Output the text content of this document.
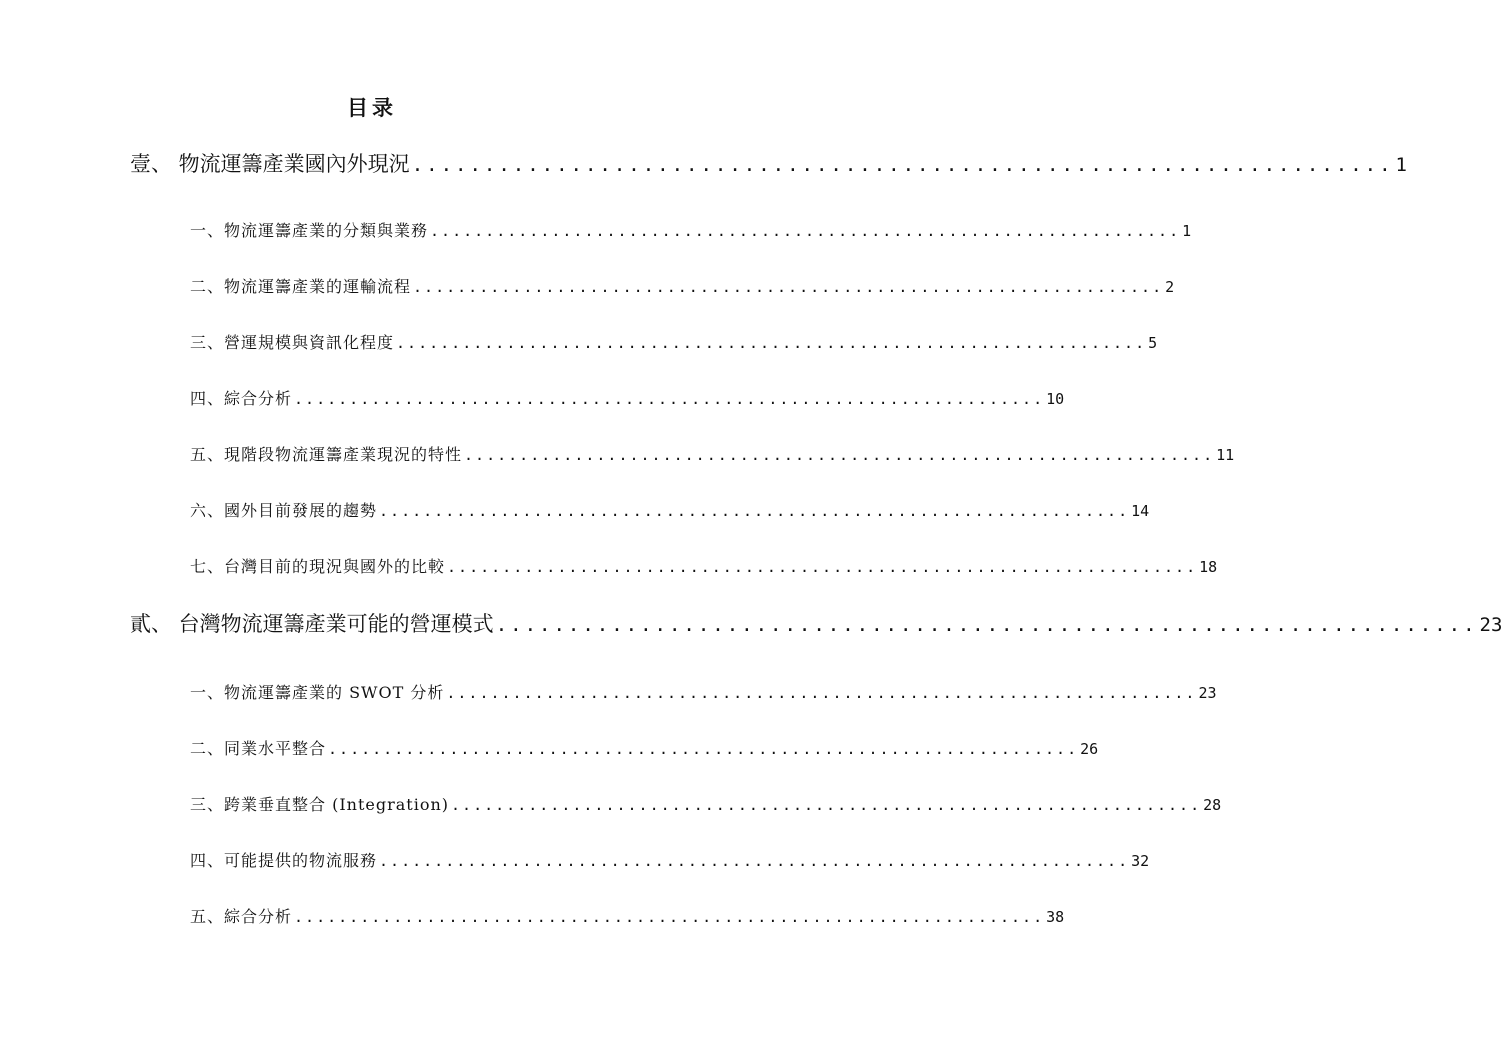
目录
壹、 物流運籌產業國內外現況 .................................................................... 1
一、物流運籌產業的分類與業務 .................................................................... 1
二、物流運籌產業的運輸流程 .................................................................... 2
三、營運規模與資訊化程度 .................................................................... 5
四、綜合分析 .................................................................... 10
五、現階段物流運籌產業現況的特性 .................................................................... 11
六、國外目前發展的趨勢 .................................................................... 14
七、台灣目前的現況與國外的比較 .................................................................... 18
貳、 台灣物流運籌產業可能的營運模式 .................................................................... 23
一、物流運籌產業的 SWOT 分析 .................................................................... 23
二、同業水平整合 .................................................................... 26
三、跨業垂直整合 (Integration) .................................................................... 28
四、可能提供的物流服務 .................................................................... 32
五、綜合分析 .................................................................... 38
